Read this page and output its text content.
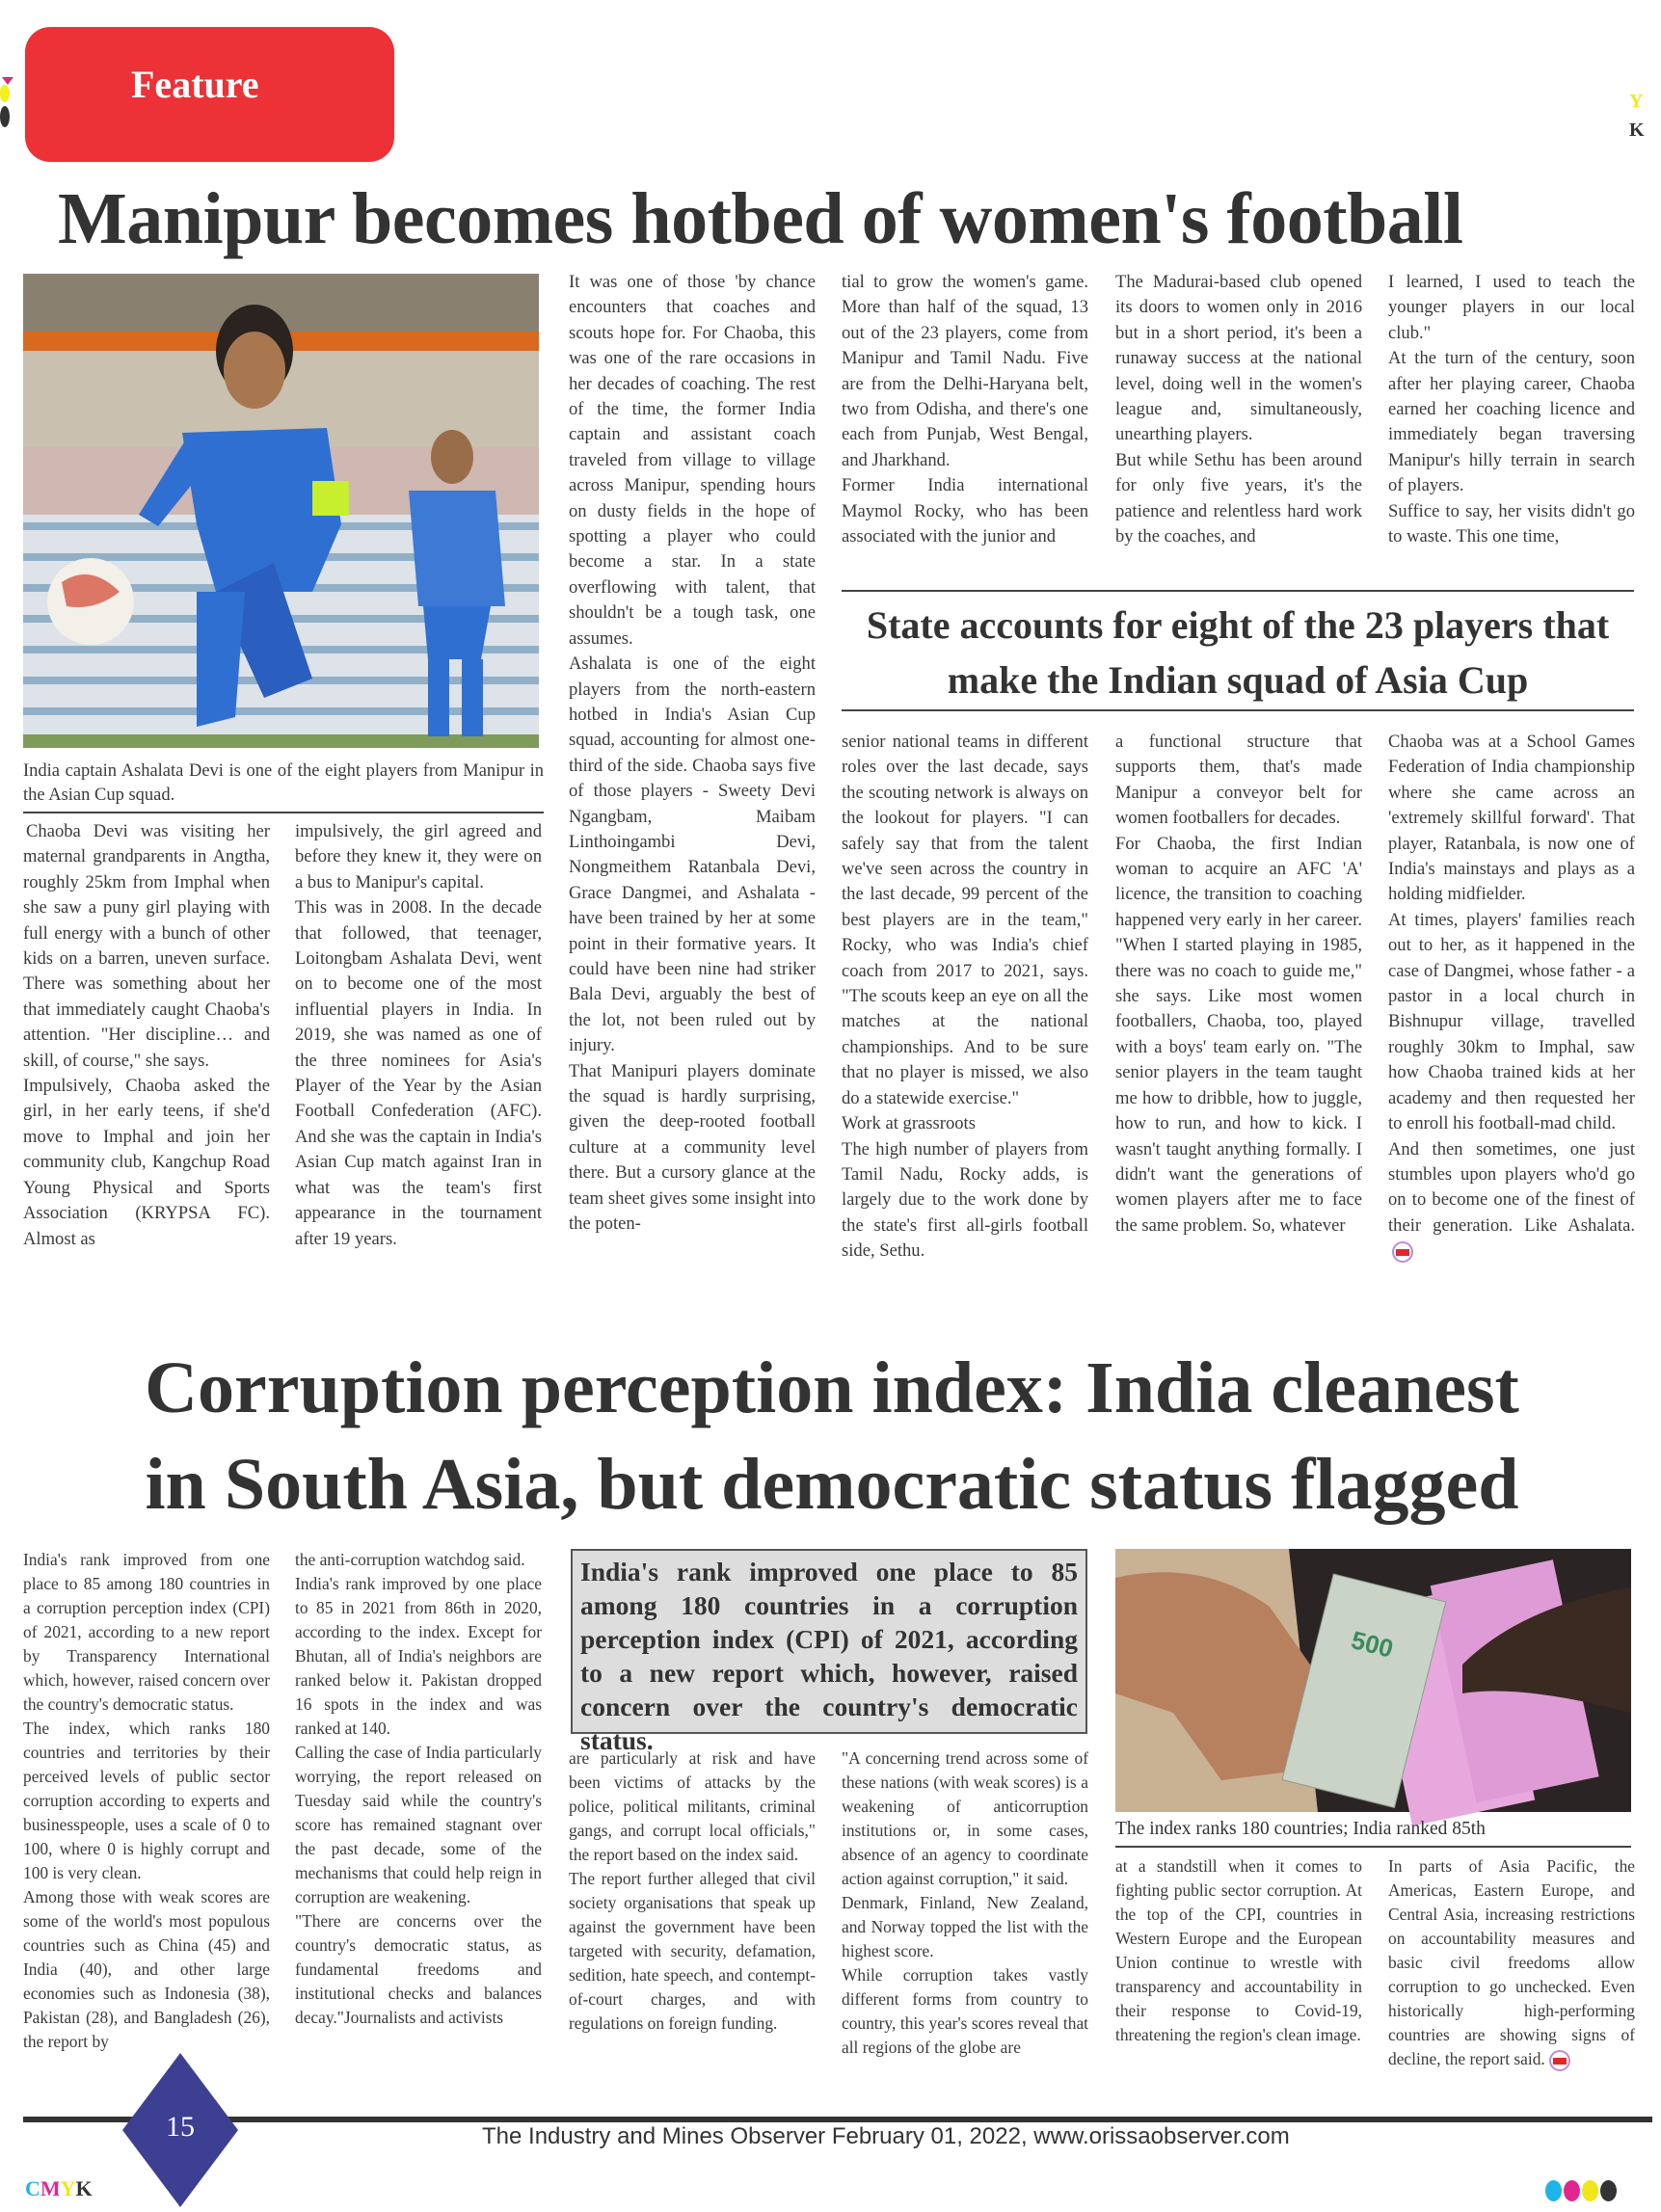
Y
K
Feature
Manipur becomes hotbed of women's football
India captain Ashalata Devi is one of the eight players from Manipur in the Asian Cup squad.

Chaoba Devi was visiting her maternal grandparents in Angtha, roughly 25km from Imphal when she saw a puny girl playing with full energy with a bunch of other kids on a barren, uneven surface. There was something about her that immediately caught Chaoba's attention. "Her discipline… and skill, of course," she says.

Impulsively, Chaoba asked the girl, in her early teens, if she'd move to Imphal and join her community club, Kangchup Road Young Physical and Sports Association (KRYPSA FC). Almost as

impulsively, the girl agreed and before they knew it, they were on a bus to Manipur's capital.

This was in 2008. In the decade that followed, that teenager, Loitongbam Ashalata Devi, went on to become one of the most influential players in India. In 2019, she was named as one of the three nominees for Asia's Player of the Year by the Asian Football Confederation (AFC). And she was the captain in India's Asian Cup match against Iran in what was the team's first appearance in the tournament after 19 years.

It was one of those 'by chance encounters that coaches and scouts hope for. For Chaoba, this was one of the rare occasions in her decades of coaching. The rest of the time, the former India captain and assistant coach traveled from village to village across Manipur, spending hours on dusty fields in the hope of spotting a player who could become a star. In a state overflowing with talent, that shouldn't be a tough task, one assumes.

Ashalata is one of the eight players from the north-eastern hotbed in India's Asian Cup squad, accounting for almost one-third of the side. Chaoba says five of those players - Sweety Devi Ngangbam, Maibam Linthoingambi Devi, Nongmeithem Ratanbala Devi, Grace Dangmei, and Ashalata - have been trained by her at some point in their formative years. It could have been nine had striker Bala Devi, arguably the best of the lot, not been ruled out by injury.

That Manipuri players dominate the squad is hardly surprising, given the deep-rooted football culture at a community level there. But a cursory glance at the team sheet gives some insight into the poten-

tial to grow the women's game. More than half of the squad, 13 out of the 23 players, come from Manipur and Tamil Nadu. Five are from the Delhi-Haryana belt, two from Odisha, and there's one each from Punjab, West Bengal, and Jharkhand.

Former India international Maymol Rocky, who has been associated with the junior and

The Madurai-based club opened its doors to women only in 2016 but in a short period, it's been a runaway success at the national level, doing well in the women's league and, simultaneously, unearthing players.

But while Sethu has been around for only five years, it's the patience and relentless hard work by the coaches, and

I learned, I used to teach the younger players in our local club."

At the turn of the century, soon after her playing career, Chaoba earned her coaching licence and immediately began traversing Manipur's hilly terrain in search of players.

Suffice to say, her visits didn't go to waste. This one time,

State accounts for eight of the 23 players that make the Indian squad of Asia Cup

senior national teams in different roles over the last decade, says the scouting network is always on the lookout for players. "I can safely say that from the talent we've seen across the country in the last decade, 99 percent of the best players are in the team," Rocky, who was India's chief coach from 2017 to 2021, says. "The scouts keep an eye on all the matches at the national championships. And to be sure that no player is missed, we also do a statewide exercise."

Work at grassroots

The high number of players from Tamil Nadu, Rocky adds, is largely due to the work done by the state's first all-girls football side, Sethu.

a functional structure that supports them, that's made Manipur a conveyor belt for women footballers for decades.

For Chaoba, the first Indian woman to acquire an AFC 'A' licence, the transition to coaching happened very early in her career. "When I started playing in 1985, there was no coach to guide me," she says. Like most women footballers, Chaoba, too, played with a boys' team early on. "The senior players in the team taught me how to dribble, how to juggle, how to run, and how to kick. I wasn't taught anything formally. I didn't want the generations of women players after me to face the same problem. So, whatever

Chaoba was at a School Games Federation of India championship where she came across an 'extremely skillful forward'. That player, Ratanbala, is now one of India's mainstays and plays as a holding midfielder.

At times, players' families reach out to her, as it happened in the case of Dangmei, whose father - a pastor in a local church in Bishnupur village, travelled roughly 30km to Imphal, saw how Chaoba trained kids at her academy and then requested her to enroll his football-mad child.

And then sometimes, one just stumbles upon players who'd go on to become one of the finest of their generation. Like Ashalata.

Corruption perception index: India cleanest
in South Asia, but democratic status flagged

India's rank improved from one place to 85 among 180 countries in a corruption perception index (CPI) of 2021, according to a new report by Transparency International which, however, raised concern over the country's democratic status.

The index, which ranks 180 countries and territories by their perceived levels of public sector corruption according to experts and businesspeople, uses a scale of 0 to 100, where 0 is highly corrupt and 100 is very clean.

Among those with weak scores are some of the world's most populous countries such as China (45) and India (40), and other large economies such as Indonesia (38), Pakistan (28), and Bangladesh (26), the report by

the anti-corruption watchdog said.

India's rank improved by one place to 85 in 2021 from 86th in 2020, according to the index. Except for Bhutan, all of India's neighbors are ranked below it. Pakistan dropped 16 spots in the index and was ranked at 140.

Calling the case of India particularly worrying, the report released on Tuesday said while the country's score has remained stagnant over the past decade, some of the mechanisms that could help reign in corruption are weakening.

"There are concerns over the country's democratic status, as fundamental freedoms and institutional checks and balances decay."Journalists and activists

India's rank improved one place to 85 among 180 countries in a corruption perception index (CPI) of 2021, according to a new report which, however, raised concern over the country's democratic status.

are particularly at risk and have been victims of attacks by the police, political militants, criminal gangs, and corrupt local officials," the report based on the index said.

The report further alleged that civil society organisations that speak up against the government have been targeted with security, defamation, sedition, hate speech, and contempt-of-court charges, and with regulations on foreign funding.

"A concerning trend across some of these nations (with weak scores) is a weakening of anticorruption institutions or, in some cases, absence of an agency to coordinate action against corruption," it said.

Denmark, Finland, New Zealand, and Norway topped the list with the highest score.

While corruption takes vastly different forms from country to country, this year's scores reveal that all regions of the globe are

500
The index ranks 180 countries; India ranked 85th

at a standstill when it comes to fighting public sector corruption. At the top of the CPI, countries in Western Europe and the European Union continue to wrestle with transparency and accountability in their response to Covid-19, threatening the region's clean image.

In parts of Asia Pacific, the Americas, Eastern Europe, and Central Asia, increasing restrictions on accountability measures and basic civil freedoms allow corruption to go unchecked. Even historically high-performing countries are showing signs of decline, the report said.

15	The Industry and Mines Observer February 01, 2022, www.orissaobserver.com
CMYK
